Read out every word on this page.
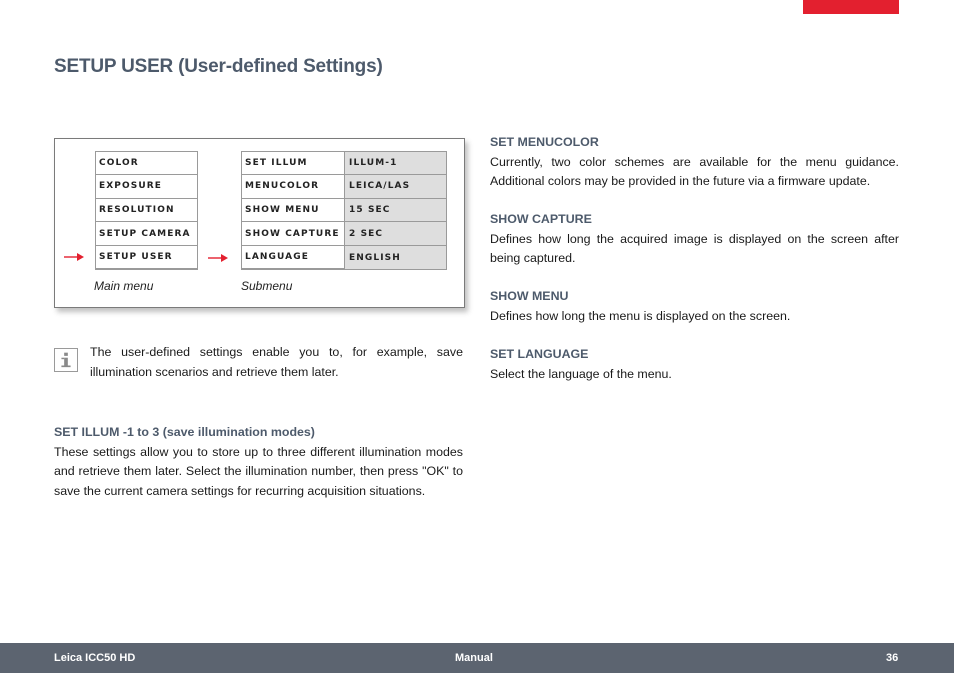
SETUP USER (User-defined Settings)
COLOR
EXPOSURE
RESOLUTION
SETUP CAMERA
SETUP USER
SET ILLUM	ILLUM-1
MENUCOLOR	LEICA/LAS
SHOW MENU	15 SEC
SHOW CAPTURE	2 SEC
LANGUAGE	ENGLISH
Main menu	Submenu

The user-defined settings enable you to, for example, save illumination scenarios and retrieve them later.

SET ILLUM -1 to 3 (save illumination modes)

These settings allow you to store up to three different illumination modes and retrieve them later. Select the illumination number, then press "OK" to save the current camera settings for recurring acquisition situations.

SET MENUCOLOR

Currently, two color schemes are available for the menu guidance. Additional colors may be provided in the future via a firmware update.

SHOW CAPTURE

Defines how long the acquired image is displayed on the screen after being captured.

SHOW MENU

Defines how long the menu is displayed on the screen.

SET LANGUAGE

Select the language of the menu.

Leica ICC50 HD	Manual	36
